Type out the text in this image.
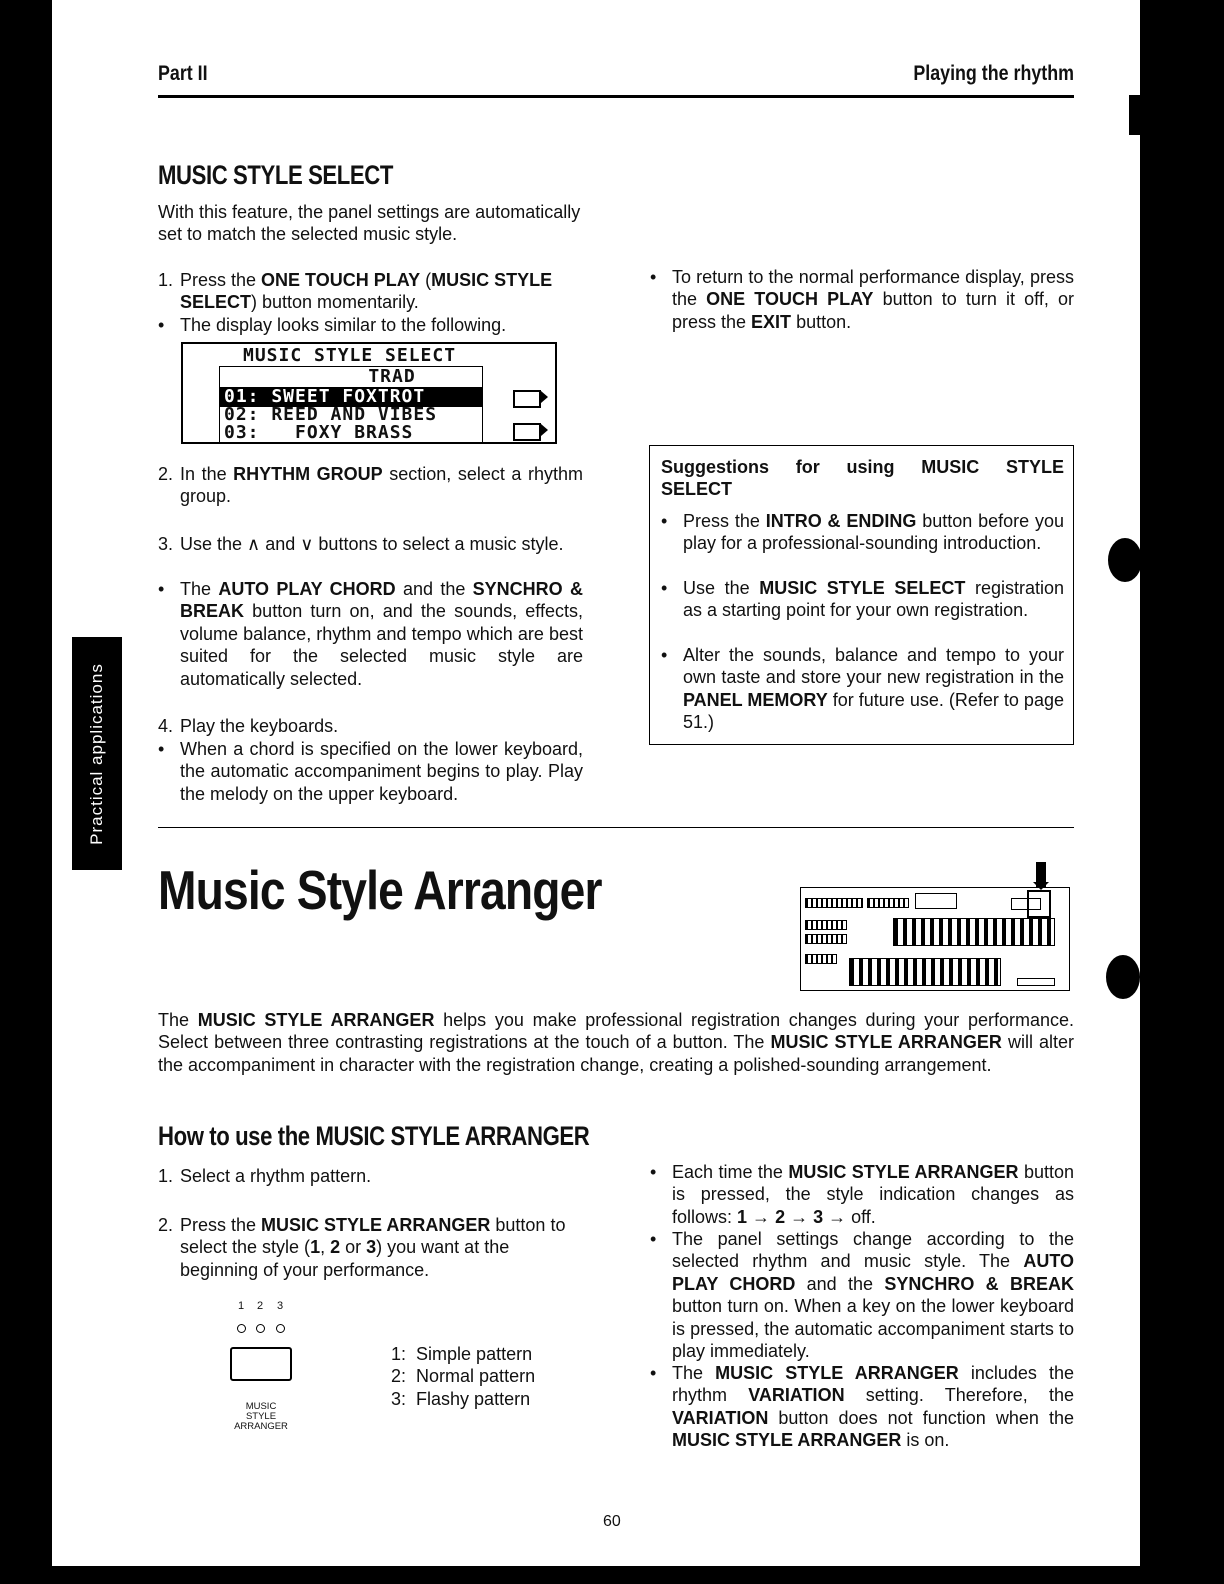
Practical applications
Part II	Playing the rhythm
MUSIC STYLE SELECT
With this feature, the panel settings are automatically set to match the selected music style.
1. Press the ONE TOUCH PLAY (MUSIC STYLE SELECT) button momentarily.
• The display looks similar to the following.
MUSIC STYLE SELECT
TRAD
01: SWEET FOXTROT
02: REED AND VIBES
03:   FOXY BRASS
2. In the RHYTHM GROUP section, select a rhythm group.
3. Use the ∧ and ∨ buttons to select a music style.
• The AUTO PLAY CHORD and the SYNCHRO & BREAK button turn on, and the sounds, effects, volume balance, rhythm and tempo which are best suited for the selected music style are automatically selected.
4. Play the keyboards.
• When a chord is specified on the lower keyboard, the automatic accompaniment begins to play. Play the melody on the upper keyboard.
• To return to the normal performance display, press the ONE TOUCH PLAY button to turn it off, or press the EXIT button.
Suggestions for using MUSIC STYLE
SELECT
• Press the INTRO & ENDING button before you play for a professional-sounding introduction.
• Use the MUSIC STYLE SELECT registration as a starting point for your own registration.
• Alter the sounds, balance and tempo to your own taste and store your new registration in the PANEL MEMORY for future use. (Refer to page 51.)
Music Style Arranger
The MUSIC STYLE ARRANGER helps you make professional registration changes during your performance. Select between three contrasting registrations at the touch of a button. The MUSIC STYLE ARRANGER will alter the accompaniment in character with the registration change, creating a polished-sounding arrangement.
How to use the MUSIC STYLE ARRANGER
1. Select a rhythm pattern.
2. Press the MUSIC STYLE ARRANGER button to select the style (1, 2 or 3) you want at the beginning of your performance.
1 2 3
MUSIC STYLE
ARRANGER
1:  Simple pattern
2:  Normal pattern
3:  Flashy pattern
• Each time the MUSIC STYLE ARRANGER button is pressed, the style indication changes as follows: 1 → 2 → 3 → off.
• The panel settings change according to the selected rhythm and music style. The AUTO PLAY CHORD and the SYNCHRO & BREAK button turn on. When a key on the lower keyboard is pressed, the automatic accompaniment starts to play immediately.
• The MUSIC STYLE ARRANGER includes the rhythm VARIATION setting. Therefore, the VARIATION button does not function when the MUSIC STYLE ARRANGER is on.
60
